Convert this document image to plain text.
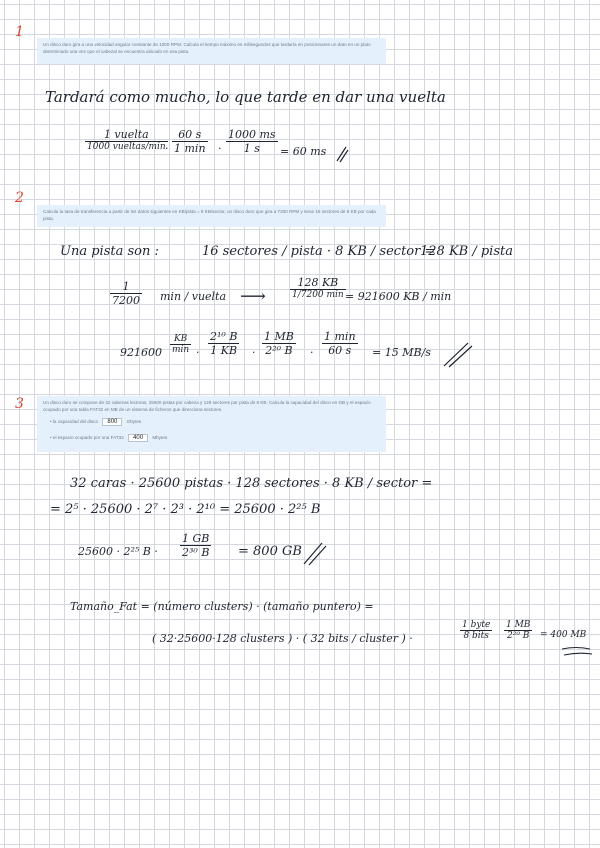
1
2
3
Un disco duro gira a una velocidad angular constante de 1000 RPM. Calcula el tiempo máximo en milisegundos que tardaría en posicionarse un dato en un plato determinado una vez que el cabezal se encuentra ubicado en esa pista.
Tardará como mucho, lo que tarde en dar una vuelta
1 vuelta
1000 vueltas/min ·
60 s
1 $\min \cdot \frac{1000 ms}{1 s} = 60$ ms
Calcula la tasa de transferencia a partir de los datos siguientes en KB/pista = 8 KB/sector, un disco duro que gira a 7200 RPM y tiene 16 sectores de 8 KB por cada pista.
Una pista son :	16 sectores / pista · 8 KB / sector =
128 KB / pista
$\frac{1}{7200}$ min / vuelta ⟶
128 KB
1/7200 min = 921600 KB / min
921600
KB
$\min \cdot \frac{\text{2¹⁰ B}}{1 KB} \cdot \frac{1 MB}{\text{2²⁰ B}}$ ·
1 min
60 s	= 15 MB/s
Un disco duro se compone de 32 cabezas lectoras, 25600 pistas por cabeza y 128 sectores por pista de 8 KB. Calcula la capacidad del disco en GB y el espacio ocupado por una tabla FAT32 en MB de un sistema de ficheros que direcciona sectores.
• la capacidad del disco 800 Gbytes
• el espacio ocupado por una FAT32 400 Mbytes
32 caras · 25600 pistas · 128 sectores · 8 KB / sector =
= 2⁵ · 25600 · 2⁷ · 2³ · 2¹⁰ = 25600 · 2²⁵ B
25600 · 2²⁵ $B \cdot \frac{1 GB}{\text{2³⁰ B}} = 800$ GB
Tamaño_Fat = (número clusters) · (tamaño puntero) =
( 32·25600·128 clusters ) · ( 32 bits / cluster ) ·
1 byte
8 bits	$\frac{1 MB}{\text{2²⁰ B}} = 400$ MB
